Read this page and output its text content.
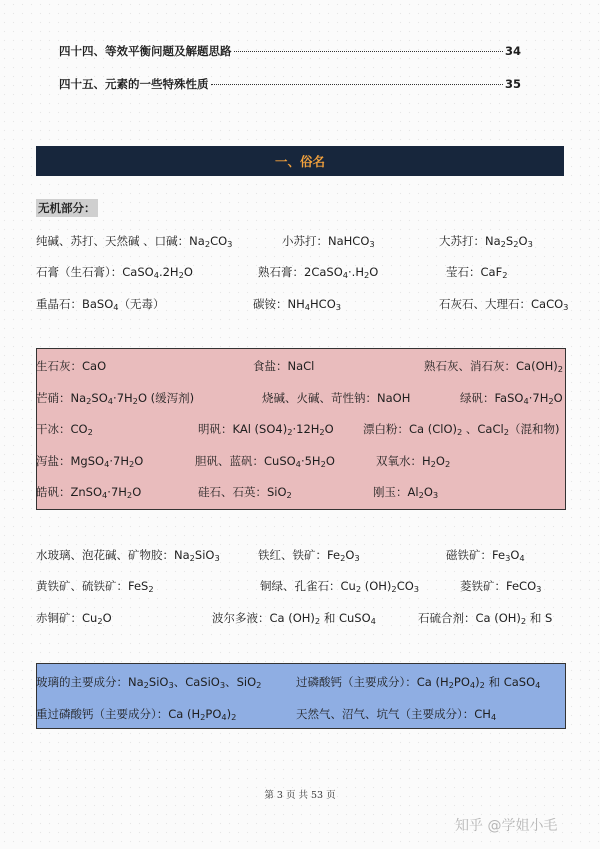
四十四、等效平衡问题及解题思路	34
四十五、元素的一些特殊性质	35
一、俗名
无机部分：
纯碱、苏打、天然碱 、口碱：$Na_2CO_3$	小苏打：NaHCO$_3$	大苏打：$Na_2S_2O_3$
石膏（生石膏）：$CaSO_4.2H_2O$	熟石膏：$2CaSO_4\cdot.H_2O$	莹石：CaF$_2$
重晶石：BaSO$_4$（无毒）	碳铵：$NH_4HCO_3$	石灰石、大理石：CaCO$_3$
生石灰：CaO	食盐：NaCl	熟石灰、消石灰：$Ca(OH)_2$
芒硝：$Na_2SO_4\cdot 7H_2O$ (缓泻剂)	烧碱、火碱、苛性钠：NaOH	绿矾：$FaSO_4\cdot 7H_2O$
干冰：$CO_2$	明矾：KAl $(SO4)_2\cdot 12H_2O$	漂白粉：Ca $(ClO)_2$ 、CaCl$_2$（混和物)
泻盐：$MgSO_4\cdot 7H_2O$	胆矾、蓝矾：$CuSO_4\cdot 5H_2O$	双氧水：$H_2O_2$
皓矾：$ZnSO_4\cdot 7H_2O$	硅石、石英：SiO$_2$	刚玉：$Al_2O_3$
水玻璃、泡花碱、矿物胶：$Na_2SiO_3$	铁红、铁矿：$Fe_2O_3$	磁铁矿：$Fe_3O_4$
黄铁矿、硫铁矿：FeS$_2$	铜绿、孔雀石：$Cu_2$ $(OH)_2CO_3$	菱铁矿：FeCO$_3$
赤铜矿：$Cu_2O$	波尔多液：Ca $(OH)_2$ 和 CuSO$_4$	石硫合剂：Ca $(OH)_2$ 和 S
玻璃的主要成分：$Na_2SiO_3$、CaSiO$_3$、SiO$_2$	过磷酸钙（主要成分）：Ca $(H_2PO_4)_2$ 和 CaSO$_4$
重过磷酸钙（主要成分）：Ca $(H_2PO_4)_2$	天然气、沼气、坑气（主要成分）：$CH_4$
第 3 页 共 53 页
知乎 @学姐小毛
